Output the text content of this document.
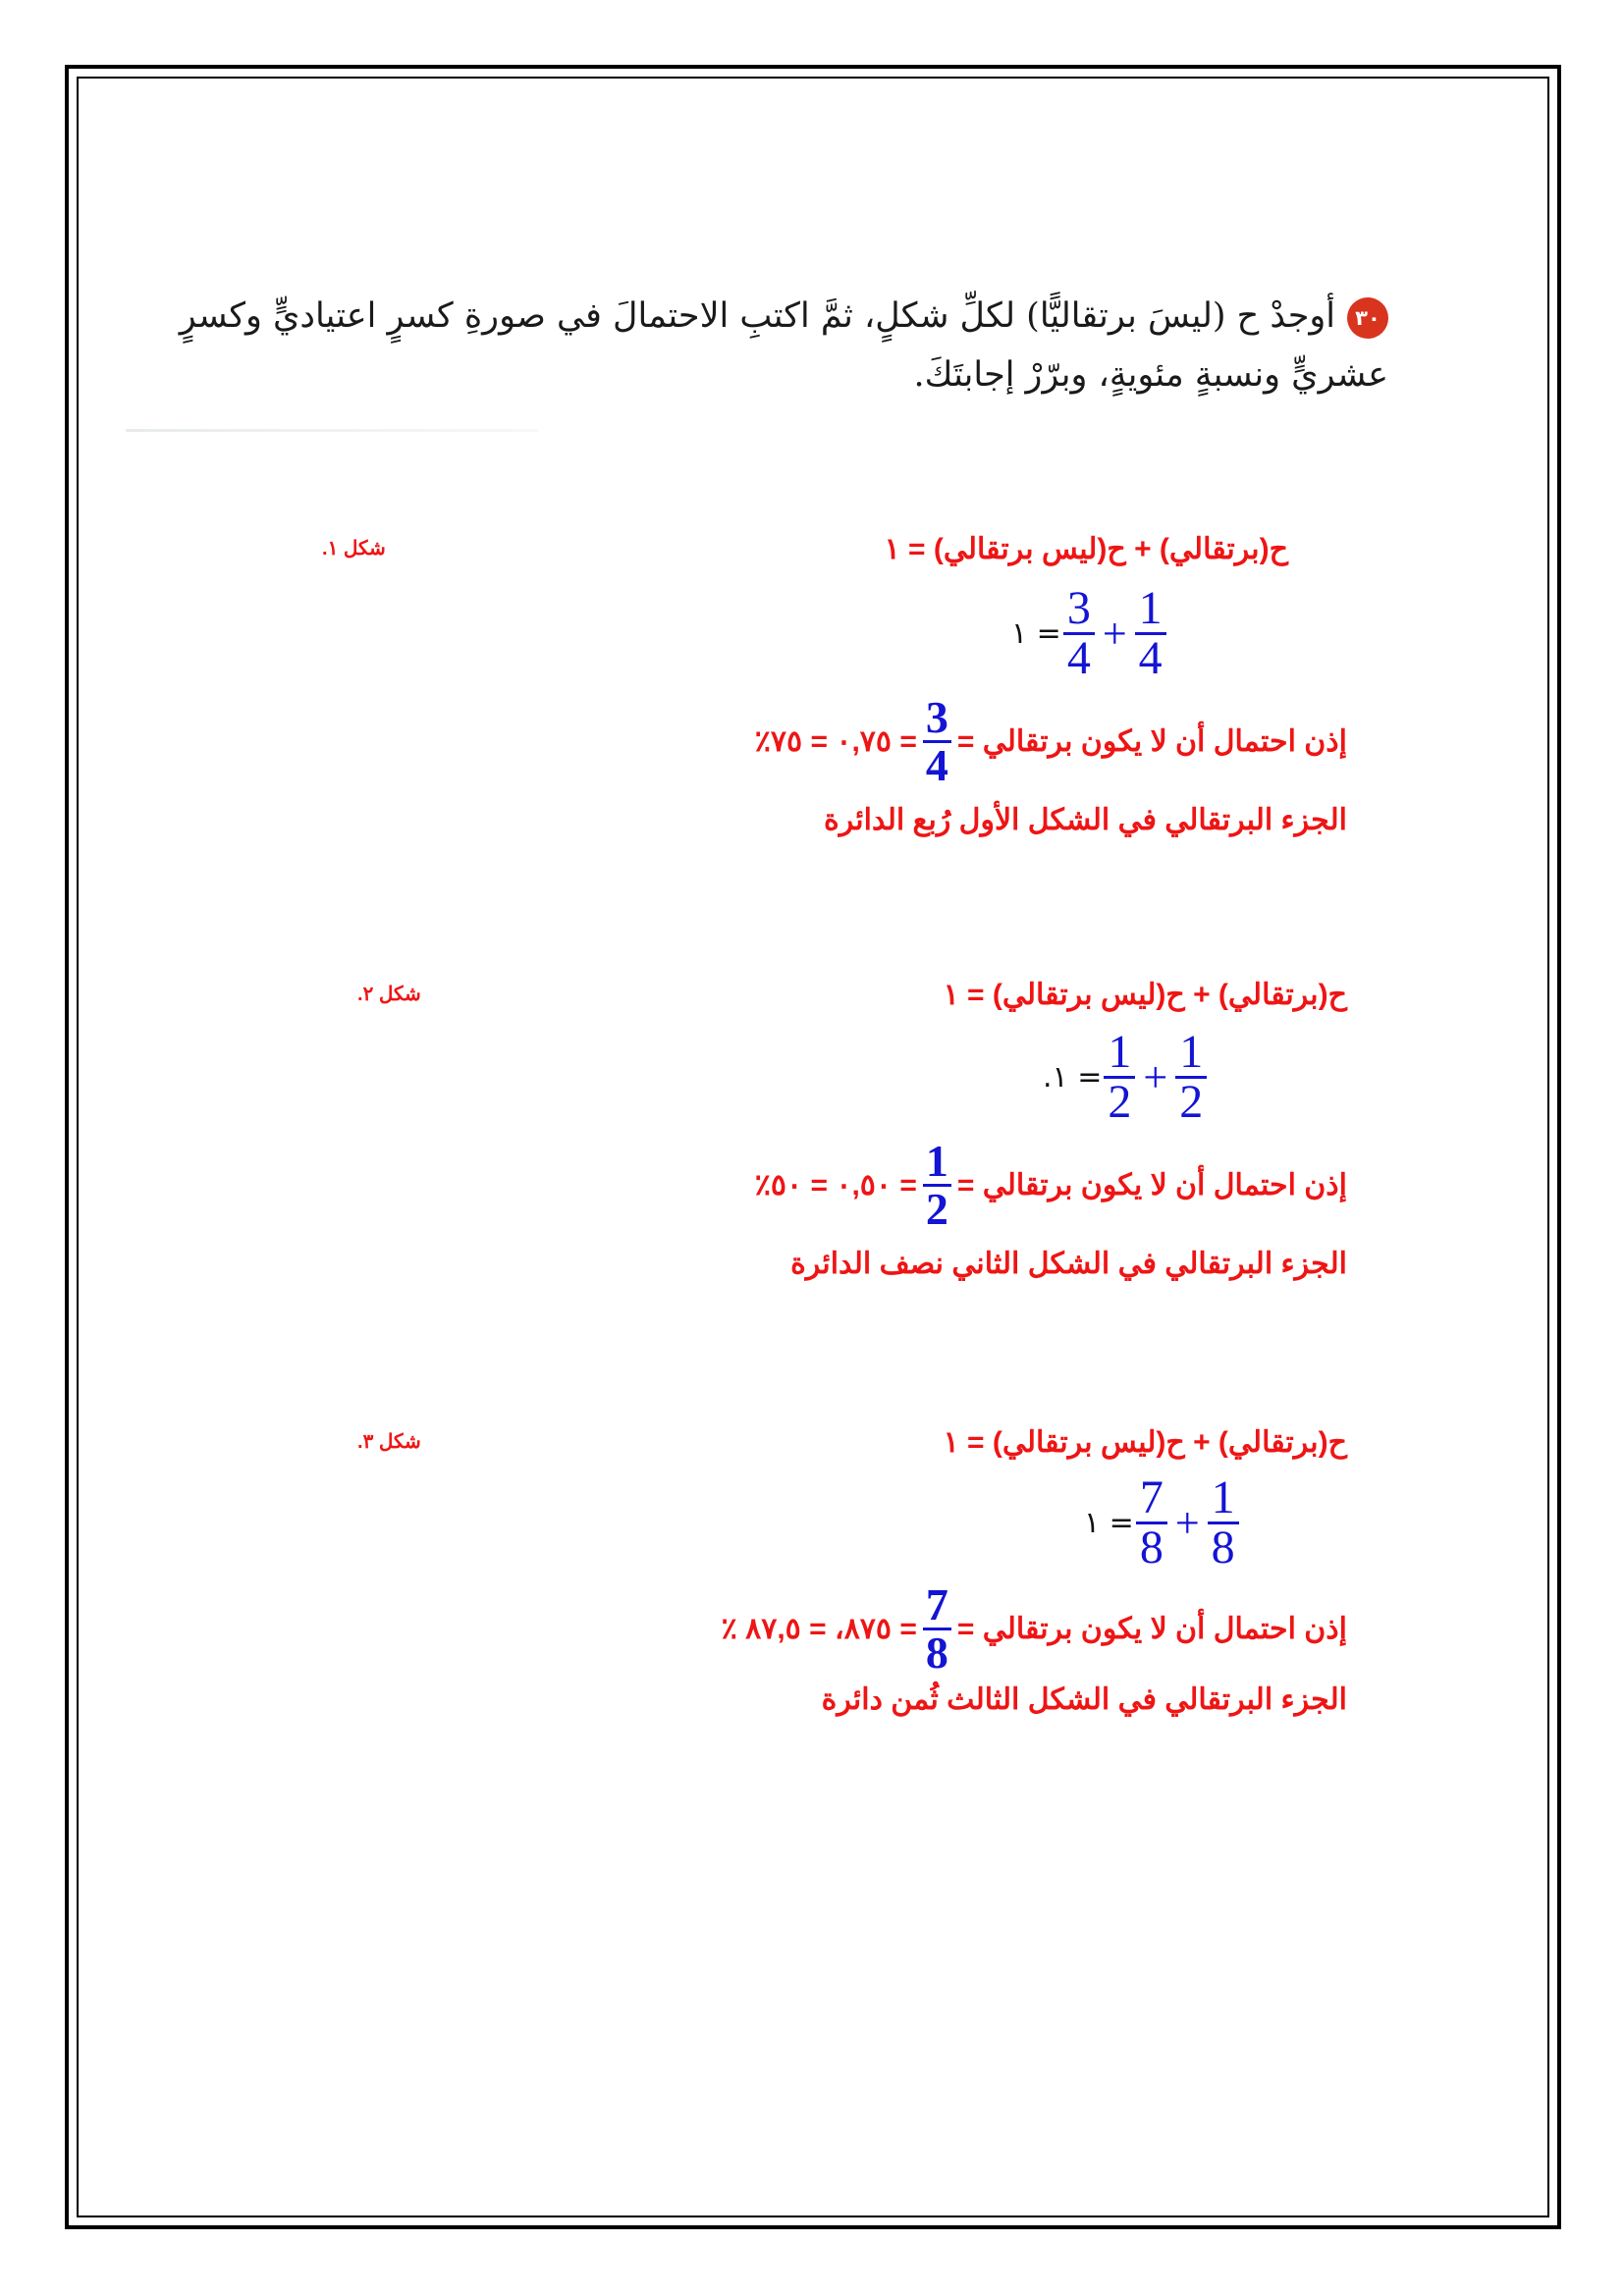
٣٠أوجدْ ح (ليسَ برتقاليًّا) لكلِّ شكلٍ، ثمَّ اكتبِ الاحتمالَ في صورةِ كسرٍ اعتياديٍّ وكسرٍ عشريٍّ ونسبةٍ مئويةٍ، وبرّرْ إجابتَكَ.
شكل ١.	ح(برتقالي) + ح(ليس برتقالي) = ١
١ = $\frac{3}{4} + \frac{1}{4}$
إذن احتمال أن لا يكون برتقالي =
$\frac{3}{4}$
= ٠,٧٥ = ٧٥٪
الجزء البرتقالي في الشكل الأول رُبع الدائرة
شكل ٢.	ح(برتقالي) + ح(ليس برتقالي) = ١
.١ = $\frac{1}{2} + \frac{1}{2}$
إذن احتمال أن لا يكون برتقالي =
$\frac{1}{2}$
= ٠,٥٠ = ٥٠٪
الجزء البرتقالي في الشكل الثاني نصف الدائرة
شكل ٣.	ح(برتقالي) + ح(ليس برتقالي) = ١
١ = $\frac{7}{8} + \frac{1}{8}$
إذن احتمال أن لا يكون برتقالي =
$\frac{7}{8}$
= ٨٧٥، = ٨٧,٥ ٪
الجزء البرتقالي في الشكل الثالث ثُمن دائرة
